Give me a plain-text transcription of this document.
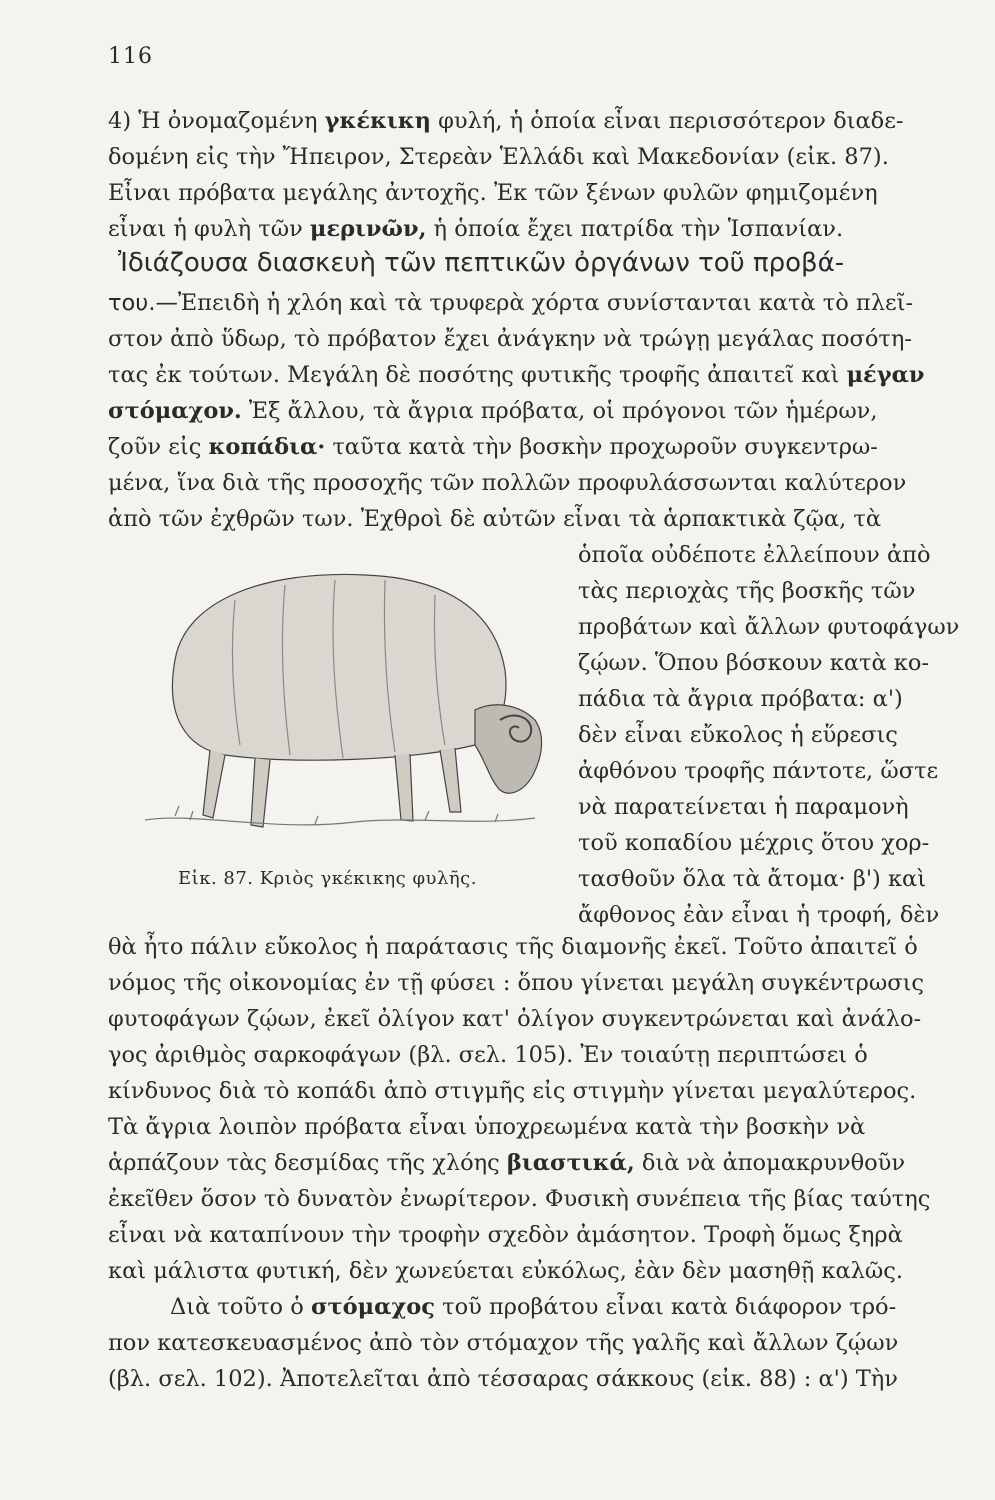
116
4) Ἡ ὀνομαζομένη γκέκικη φυλή, ἡ ὁποία εἶναι περισσότερον διαδε-
δομένη εἰς τὴν Ἤπειρον, Στερεὰν Ἑλλάδι καὶ Μακεδονίαν (εἰκ. 87).
Εἶναι πρόβατα μεγάλης ἀντοχῆς. Ἐκ τῶν ξένων φυλῶν φημιζομένη
εἶναι ἡ φυλὴ τῶν μερινῶν, ἡ ὁποία ἔχει πατρίδα τὴν Ἱσπανίαν.
Ἰδιάζουσα διασκευὴ τῶν πεπτικῶν ὀργάνων τοῦ προβά-
του.—Ἐπειδὴ ἡ χλόη καὶ τὰ τρυφερὰ χόρτα συνίστανται κατὰ τὸ πλεῖ-
στον ἀπὸ ὕδωρ, τὸ πρόβατον ἔχει ἀνάγκην νὰ τρώγῃ μεγάλας ποσότη-
τας ἐκ τούτων. Μεγάλη δὲ ποσότης φυτικῆς τροφῆς ἀπαιτεῖ καὶ μέγαν
στόμαχον. Ἐξ ἄλλου, τὰ ἄγρια πρόβατα, οἱ πρόγονοι τῶν ἡμέρων,
ζοῦν εἰς κοπάδια· ταῦτα κατὰ τὴν βοσκὴν προχωροῦν συγκεντρω-
μένα, ἵνα διὰ τῆς προσοχῆς τῶν πολλῶν προφυλάσσωνται καλύτερον
ἀπὸ τῶν ἐχθρῶν των. Ἐχθροὶ δὲ αὐτῶν εἶναι τὰ ἁρπακτικὰ ζῷα, τὰ
ὁποῖα οὐδέποτε ἐλλείπουν ἀπὸ
τὰς περιοχὰς τῆς βοσκῆς τῶν
προβάτων καὶ ἄλλων φυτοφάγων
ζῴων. Ὅπου βόσκουν κατὰ κο-
πάδια τὰ ἄγρια πρόβατα: α')
δὲν εἶναι εὔκολος ἡ εὕρεσις
ἀφθόνου τροφῆς πάντοτε, ὥστε
νὰ παρατείνεται ἡ παραμονὴ
τοῦ κοπαδίου μέχρις ὅτου χορ-
τασθοῦν ὅλα τὰ ἄτομα· β') καὶ
ἄφθονος ἐὰν εἶναι ἡ τροφή, δὲν
θὰ ἦτο πάλιν εὔκολος ἡ παράτασις τῆς διαμονῆς ἐκεῖ. Τοῦτο ἀπαιτεῖ ὁ
νόμος τῆς οἰκονομίας ἐν τῇ φύσει : ὅπου γίνεται μεγάλη συγκέντρωσις
φυτοφάγων ζῴων, ἐκεῖ ὀλίγον κατ' ὀλίγον συγκεντρώνεται καὶ ἀνάλο-
γος ἀριθμὸς σαρκοφάγων (βλ. σελ. 105). Ἐν τοιαύτῃ περιπτώσει ὁ
κίνδυνος διὰ τὸ κοπάδι ἀπὸ στιγμῆς εἰς στιγμὴν γίνεται μεγαλύτερος.
Τὰ ἄγρια λοιπὸν πρόβατα εἶναι ὑποχρεωμένα κατὰ τὴν βοσκὴν νὰ
ἁρπάζουν τὰς δεσμίδας τῆς χλόης βιαστικά, διὰ νὰ ἀπομακρυνθοῦν
ἐκεῖθεν ὅσον τὸ δυνατὸν ἐνωρίτερον. Φυσικὴ συνέπεια τῆς βίας ταύτης
εἶναι νὰ καταπίνουν τὴν τροφὴν σχεδὸν ἀμάσητον. Τροφὴ ὅμως ξηρὰ
καὶ μάλιστα φυτική, δὲν χωνεύεται εὐκόλως, ἐὰν δὲν μασηθῇ καλῶς.
Διὰ τοῦτο ὁ στόμαχος τοῦ προβάτου εἶναι κατὰ διάφορον τρό-
πον κατεσκευασμένος ἀπὸ τὸν στόμαχον τῆς γαλῆς καὶ ἄλλων ζῴων
(βλ. σελ. 102). Ἀποτελεῖται ἀπὸ τέσσαρας σάκκους (εἰκ. 88) : α') Τὴν
Εἰκ. 87. Κριὸς γκέκικης φυλῆς.
